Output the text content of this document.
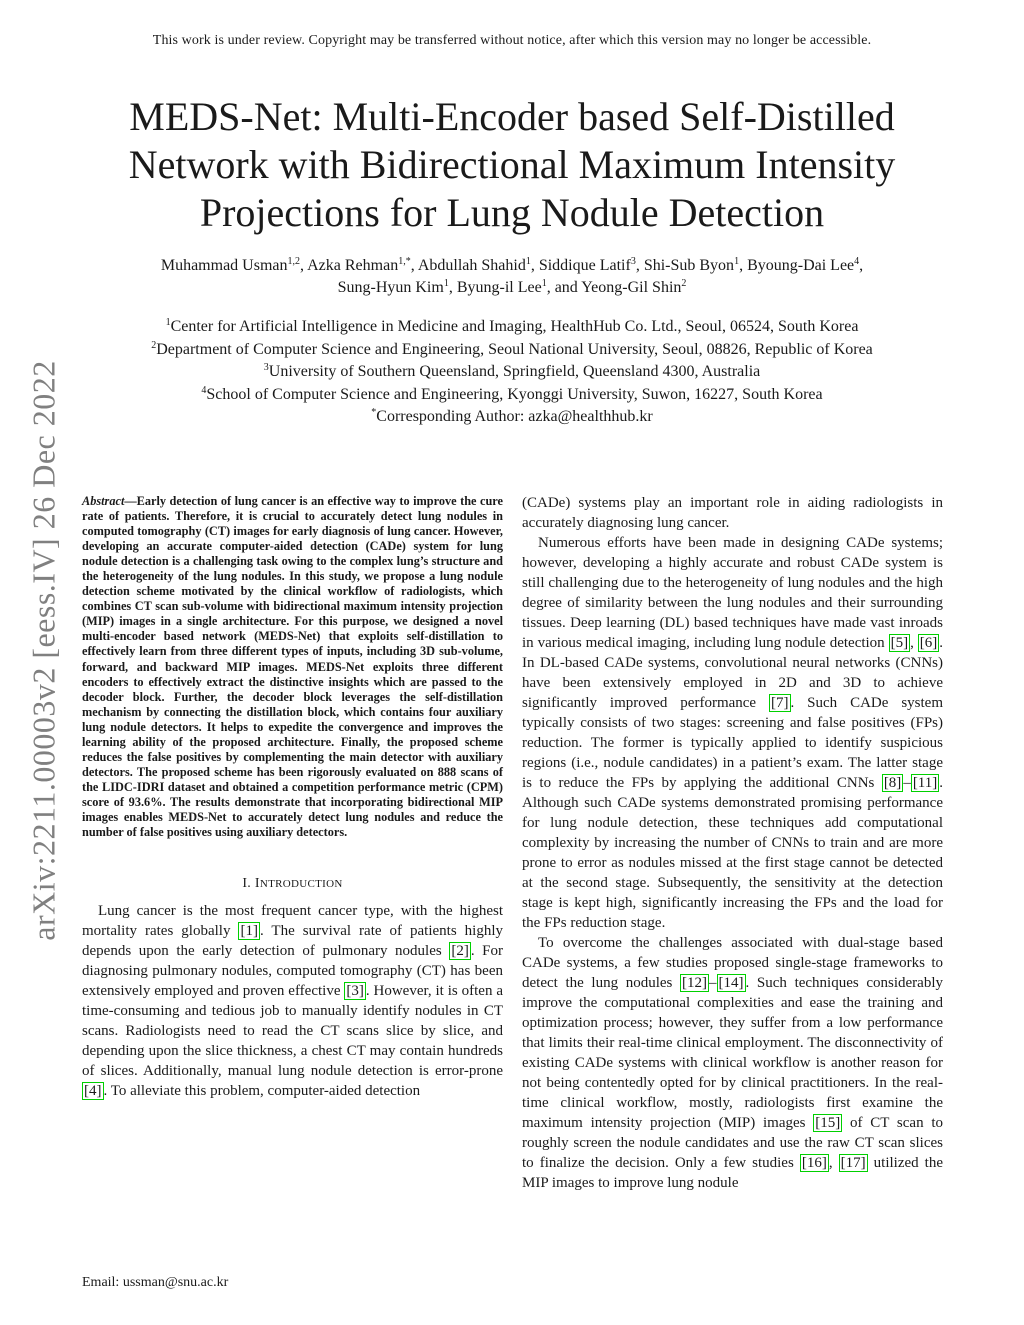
This work is under review. Copyright may be transferred without notice, after which this version may no longer be accessible.
arXiv:2211.00003v2 [eess.IV] 26 Dec 2022
MEDS-Net: Multi-Encoder based Self-Distilled
Network with Bidirectional Maximum Intensity
Projections for Lung Nodule Detection
Muhammad Usman$^{1,2}$, Azka Rehman$^{1,*}$, Abdullah Shahid$^1$, Siddique Latif$^3$, Shi-Sub Byon$^1$, Byoung-Dai Lee$^4$,
Sung-Hyun Kim$^1$, Byung-il Lee$^1$, and Yeong-Gil Shin$^2$
$^1$Center for Artificial Intelligence in Medicine and Imaging, HealthHub Co. Ltd., Seoul, 06524, South Korea
$^2$Department of Computer Science and Engineering, Seoul National University, Seoul, 08826, Republic of Korea
$^3$University of Southern Queensland, Springfield, Queensland 4300, Australia
$^4$School of Computer Science and Engineering, Kyonggi University, Suwon, 16227, South Korea
*Corresponding Author: azka@healthhub.kr

Abstract—Early detection of lung cancer is an effective way to improve the cure rate of patients. Therefore, it is crucial to accurately detect lung nodules in computed tomography (CT) images for early diagnosis of lung cancer. However, developing an accurate computer-aided detection (CADe) system for lung nodule detection is a challenging task owing to the complex lung’s structure and the heterogeneity of the lung nodules. In this study, we propose a lung nodule detection scheme motivated by the clinical workflow of radiologists, which combines CT scan sub-volume with bidirectional maximum intensity projection (MIP) images in a single architecture. For this purpose, we designed a novel multi-encoder based network (MEDS-Net) that exploits self-distillation to effectively learn from three different types of inputs, including 3D sub-volume, forward, and backward MIP images. MEDS-Net exploits three different encoders to effectively extract the distinctive insights which are passed to the decoder block. Further, the decoder block leverages the self-distillation mechanism by connecting the distillation block, which contains four auxiliary lung nodule detectors. It helps to expedite the convergence and improves the learning ability of the proposed architecture. Finally, the proposed scheme reduces the false positives by complementing the main detector with auxiliary detectors. The proposed scheme has been rigorously evaluated on 888 scans of the LIDC-IDRI dataset and obtained a competition performance metric (CPM) score of 93.6%. The results demonstrate that incorporating bidirectional MIP images enables MEDS-Net to accurately detect lung nodules and reduce the number of false positives using auxiliary detectors.

I. INTRODUCTION

Lung cancer is the most frequent cancer type, with the highest mortality rates globally [1] . The survival rate of patients highly depends upon the early detection of pulmonary nodules [2] . For diagnosing pulmonary nodules, computed tomography (CT) has been extensively employed and proven effective [3] . However, it is often a time-consuming and tedious job to manually identify nodules in CT scans. Radiologists need to read the CT scans slice by slice, and depending upon the slice thickness, a chest CT may contain hundreds of slices. Additionally, manual lung nodule detection is error-prone [4] . To alleviate this problem, computer-aided detection

(CADe) systems play an important role in aiding radiologists in accurately diagnosing lung cancer.

Numerous efforts have been made in designing CADe systems; however, developing a highly accurate and robust CADe system is still challenging due to the heterogeneity of lung nodules and the high degree of similarity between the lung nodules and their surrounding tissues. Deep learning (DL) based techniques have made vast inroads in various medical imaging, including lung nodule detection [5] , [6] . In DL-based CADe systems, convolutional neural networks (CNNs) have been extensively employed in 2D and 3D to achieve significantly improved performance [7] . Such CADe system typically consists of two stages: screening and false positives (FPs) reduction. The former is typically applied to identify suspicious regions (i.e., nodule candidates) in a patient’s exam. The latter stage is to reduce the FPs by applying the additional CNNs [8] – [11] . Although such CADe systems demonstrated promising performance for lung nodule detection, these techniques add computational complexity by increasing the number of CNNs to train and are more prone to error as nodules missed at the first stage cannot be detected at the second stage. Subsequently, the sensitivity at the detection stage is kept high, significantly increasing the FPs and the load for the FPs reduction stage.

To overcome the challenges associated with dual-stage based CADe systems, a few studies proposed single-stage frameworks to detect the lung nodules [12] – [14] . Such techniques considerably improve the computational complexities and ease the training and optimization process; however, they suffer from a low performance that limits their real-time clinical employment. The disconnectivity of existing CADe systems with clinical workflow is another reason for not being contentedly opted for by clinical practitioners. In the real-time clinical workflow, mostly, radiologists first examine the maximum intensity projection (MIP) images [15] of CT scan to roughly screen the nodule candidates and use the raw CT scan slices to finalize the decision. Only a few studies [16] , [17] utilized the MIP images to improve lung nodule

Email: ussman@snu.ac.kr
